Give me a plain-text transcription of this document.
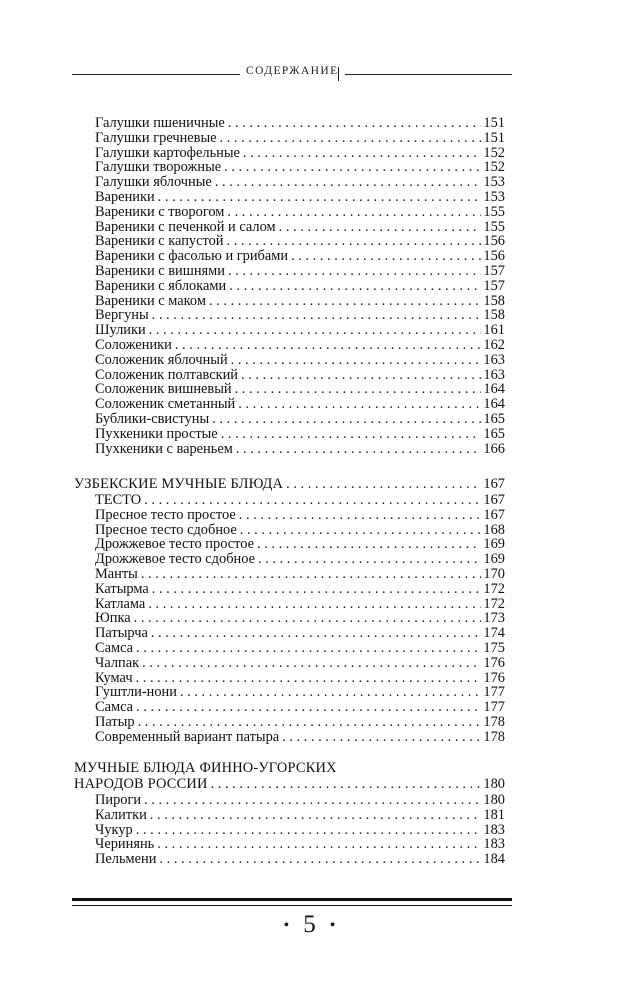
СОДЕРЖАНИЕ
Галушки пшеничные . . .	151
Галушки гречневые . . .	151
Галушки картофельные . . .	152
Галушки творожные . . .	152
Галушки яблочные . . .	153
Вареники . . .	153
Вареники с творогом . . .	155
Вареники с печенкой и салом . . .	155
Вареники с капустой . . .	156
Вареники с фасолью и грибами . . .	156
Вареники с вишнями . . .	157
Вареники с яблоками . . .	157
Вареники с маком . . .	158
Вергуны . . .	158
Шулики . . .	161
Соложеники . . .	162
Соложеник яблочный . . .	163
Соложеник полтавский . . .	163
Соложеник вишневый . . .	164
Соложеник сметанный . . .	164
Бублики-свистуны . . .	165
Пухкеники простые . . .	165
Пухкеники с вареньем . . .	166
УЗБЕКСКИЕ МУЧНЫЕ БЛЮДА . . .	167
ТЕСТО . . .	167
Пресное тесто простое . . .	167
Пресное тесто сдобное . . .	168
Дрожжевое тесто простое . . .	169
Дрожжевое тесто сдобное . . .	169
Манты . . .	170
Катырма . . .	172
Катлама . . .	172
Юпка . . .	173
Патырча . . .	174
Самса . . .	175
Чалпак . . .	176
Кумач . . .	176
Гуштли-нони . . .	177
Самса . . .	177
Патыр . . .	178
Современный вариант патыра . . .	178
МУЧНЫЕ БЛЮДА ФИННО-УГОРСКИХ
НАРОДОВ РОССИИ . . .	180
Пироги . . .	180
Калитки . . .	181
Чукур . . .	183
Черинянь . . .	183
Пельмени . . .	184
• 5 •
